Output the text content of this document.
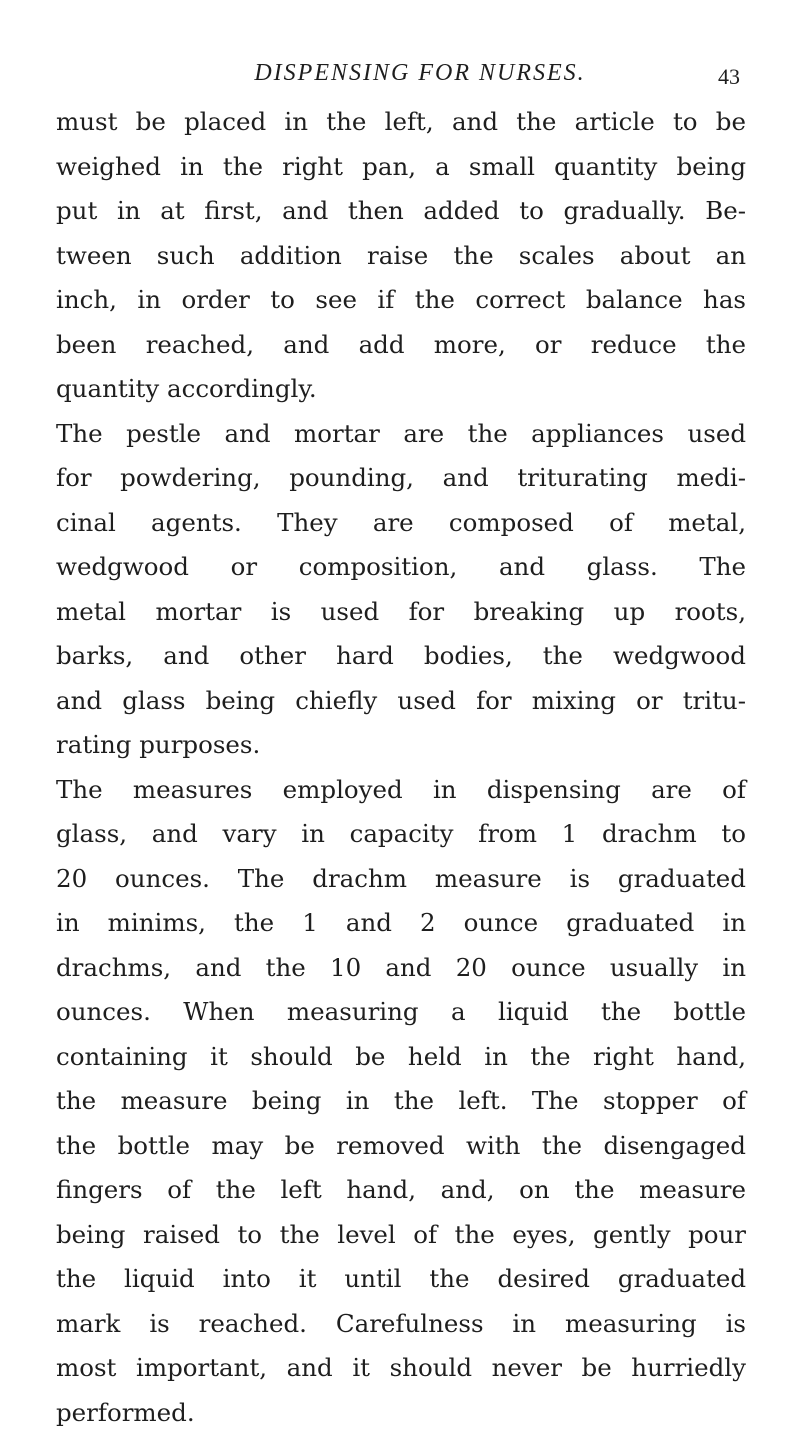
DISPENSING FOR NURSES.	43
must be placed in the left, and the article to be
weighed in the right pan, a small quantity being
put in at first, and then added to gradually. Be-
tween such addition raise the scales about an
inch, in order to see if the correct balance has
been reached, and add more, or reduce the
quantity accordingly.
The pestle and mortar are the appliances used
for powdering, pounding, and triturating medi-
cinal agents. They are composed of metal,
wedgwood or composition, and glass. The
metal mortar is used for breaking up roots,
barks, and other hard bodies, the wedgwood
and glass being chiefly used for mixing or tritu-
rating purposes.
The measures employed in dispensing are of
glass, and vary in capacity from 1 drachm to
20 ounces. The drachm measure is graduated
in minims, the 1 and 2 ounce graduated in
drachms, and the 10 and 20 ounce usually in
ounces. When measuring a liquid the bottle
containing it should be held in the right hand,
the measure being in the left. The stopper of
the bottle may be removed with the disengaged
fingers of the left hand, and, on the measure
being raised to the level of the eyes, gently pour
the liquid into it until the desired graduated
mark is reached. Carefulness in measuring is
most important, and it should never be hurriedly
performed.
